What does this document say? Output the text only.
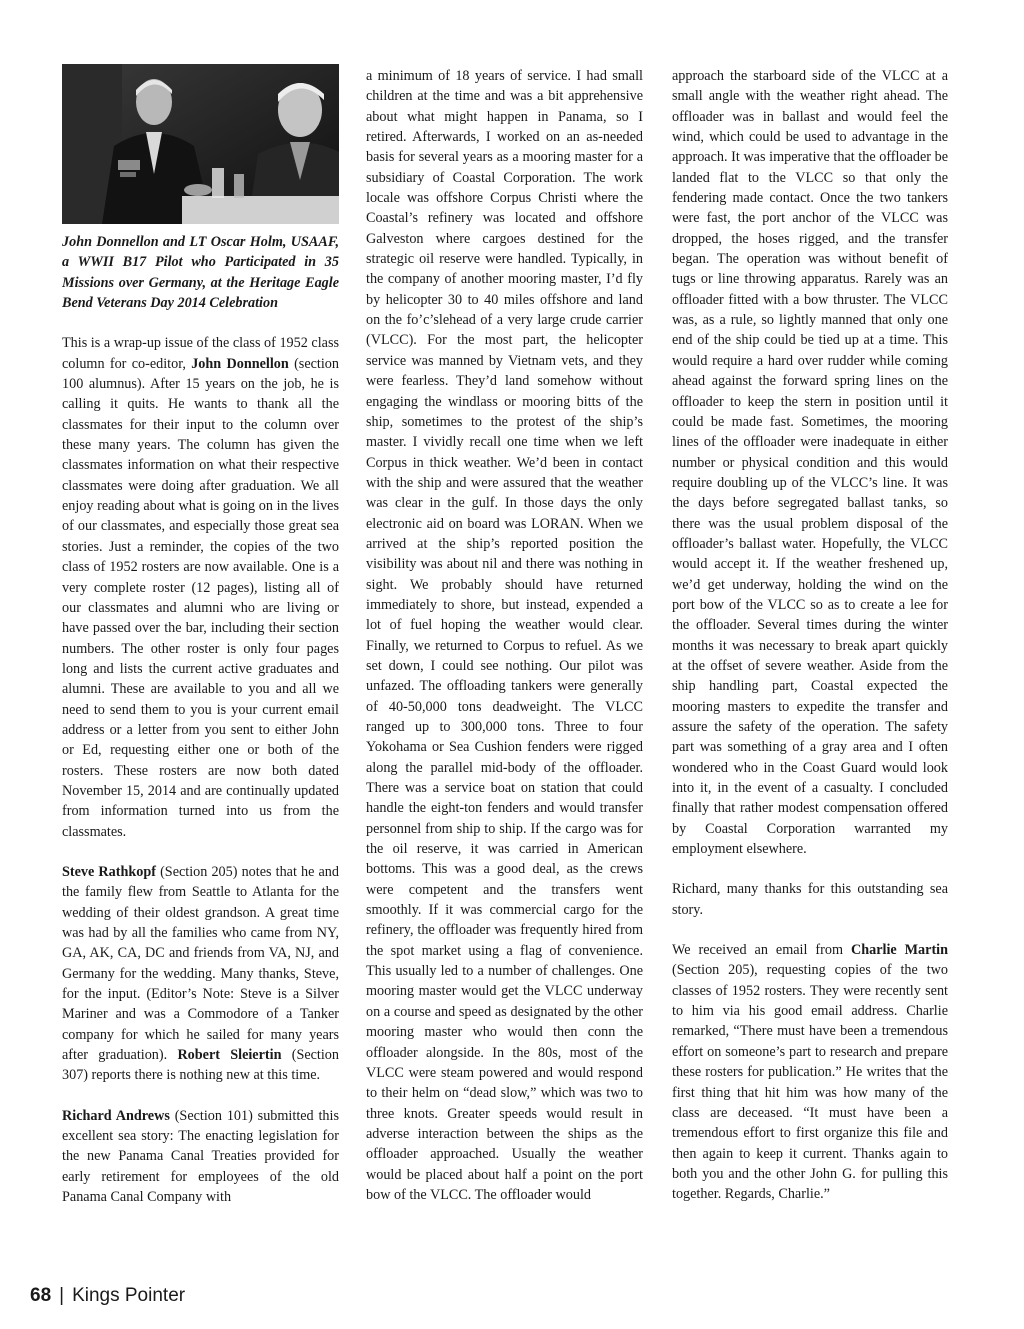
John Donnellon and LT Oscar Holm, USAAF, a WWII B17 Pilot who Participated in 35 Missions over Germany, at the Heritage Eagle Bend Veterans Day 2014 Celebration

This is a wrap-up issue of the class of 1952 class column for co-editor, John Donnellon (section 100 alumnus). After 15 years on the job, he is calling it quits. He wants to thank all the classmates for their input to the column over these many years. The column has given the classmates information on what their respective classmates were doing after graduation. We all enjoy reading about what is going on in the lives of our classmates, and especially those great sea stories. Just a reminder, the copies of the two class of 1952 rosters are now available. One is a very complete roster (12 pages), listing all of our classmates and alumni who are living or have passed over the bar, including their section numbers. The other roster is only four pages long and lists the current active graduates and alumni. These are available to you and all we need to send them to you is your current email address or a letter from you sent to either John or Ed, requesting either one or both of the rosters. These rosters are now both dated November 15, 2014 and are continually updated from information turned into us from the classmates.

Steve Rathkopf (Section 205) notes that he and the family flew from Seattle to Atlanta for the wedding of their oldest grandson. A great time was had by all the families who came from NY, GA, AK, CA, DC and friends from VA, NJ, and Germany for the wedding. Many thanks, Steve, for the input. (Editor’s Note: Steve is a Silver Mariner and was a Commodore of a Tanker company for which he sailed for many years after graduation). Robert Sleiertin (Section 307) reports there is nothing new at this time.

Richard Andrews (Section 101) submitted this excellent sea story: The enacting legislation for the new Panama Canal Treaties provided for early retirement for employees of the old Panama Canal Company with

a minimum of 18 years of service. I had small children at the time and was a bit apprehensive about what might happen in Panama, so I retired. Afterwards, I worked on an as-needed basis for several years as a mooring master for a subsidiary of Coastal Corporation. The work locale was offshore Corpus Christi where the Coastal’s refinery was located and offshore Galveston where cargoes destined for the strategic oil reserve were handled. Typically, in the company of another mooring master, I’d fly by helicopter 30 to 40 miles offshore and land on the fo’c’slehead of a very large crude carrier (VLCC). For the most part, the helicopter service was manned by Vietnam vets, and they were fearless. They’d land somehow without engaging the windlass or mooring bitts of the ship, sometimes to the protest of the ship’s master. I vividly recall one time when we left Corpus in thick weather. We’d been in contact with the ship and were assured that the weather was clear in the gulf. In those days the only electronic aid on board was LORAN. When we arrived at the ship’s reported position the visibility was about nil and there was nothing in sight. We probably should have returned immediately to shore, but instead, expended a lot of fuel hoping the weather would clear. Finally, we returned to Corpus to refuel. As we set down, I could see nothing. Our pilot was unfazed. The offloading tankers were generally of 40-50,000 tons deadweight. The VLCC ranged up to 300,000 tons. Three to four Yokohama or Sea Cushion fenders were rigged along the parallel mid-body of the offloader. There was a service boat on station that could handle the eight-ton fenders and would transfer personnel from ship to ship. If the cargo was for the oil reserve, it was carried in American bottoms. This was a good deal, as the crews were competent and the transfers went smoothly. If it was commercial cargo for the refinery, the offloader was frequently hired from the spot market using a flag of convenience. This usually led to a number of challenges. One mooring master would get the VLCC underway on a course and speed as designated by the other mooring master who would then conn the offloader alongside. In the 80s, most of the VLCC were steam powered and would respond to their helm on “dead slow,” which was two to three knots. Greater speeds would result in adverse interaction between the ships as the offloader approached. Usually the weather would be placed about half a point on the port bow of the VLCC. The offloader would

approach the starboard side of the VLCC at a small angle with the weather right ahead. The offloader was in ballast and would feel the wind, which could be used to advantage in the approach. It was imperative that the offloader be landed flat to the VLCC so that only the fendering made contact. Once the two tankers were fast, the port anchor of the VLCC was dropped, the hoses rigged, and the transfer began. The operation was without benefit of tugs or line throwing apparatus. Rarely was an offloader fitted with a bow thruster. The VLCC was, as a rule, so lightly manned that only one end of the ship could be tied up at a time. This would require a hard over rudder while coming ahead against the forward spring lines on the offloader to keep the stern in position until it could be made fast. Sometimes, the mooring lines of the offloader were inadequate in either number or physical condition and this would require doubling up of the VLCC’s line. It was the days before segregated ballast tanks, so there was the usual problem disposal of the offloader’s ballast water. Hopefully, the VLCC would accept it. If the weather freshened up, we’d get underway, holding the wind on the port bow of the VLCC so as to create a lee for the offloader. Several times during the winter months it was necessary to break apart quickly at the offset of severe weather. Aside from the ship handling part, Coastal expected the mooring masters to expedite the transfer and assure the safety of the operation. The safety part was something of a gray area and I often wondered who in the Coast Guard would look into it, in the event of a casualty. I concluded finally that rather modest compensation offered by Coastal Corporation warranted my employment elsewhere.

Richard, many thanks for this outstanding sea story.

We received an email from Charlie Martin (Section 205), requesting copies of the two classes of 1952 rosters. They were recently sent to him via his good email address. Charlie remarked, “There must have been a tremendous effort on someone’s part to research and prepare these rosters for publication.” He writes that the first thing that hit him was how many of the class are deceased. “It must have been a tremendous effort to first organize this file and then again to keep it current. Thanks again to both you and the other John G. for pulling this together. Regards, Charlie.”

68 | Kings Pointer
